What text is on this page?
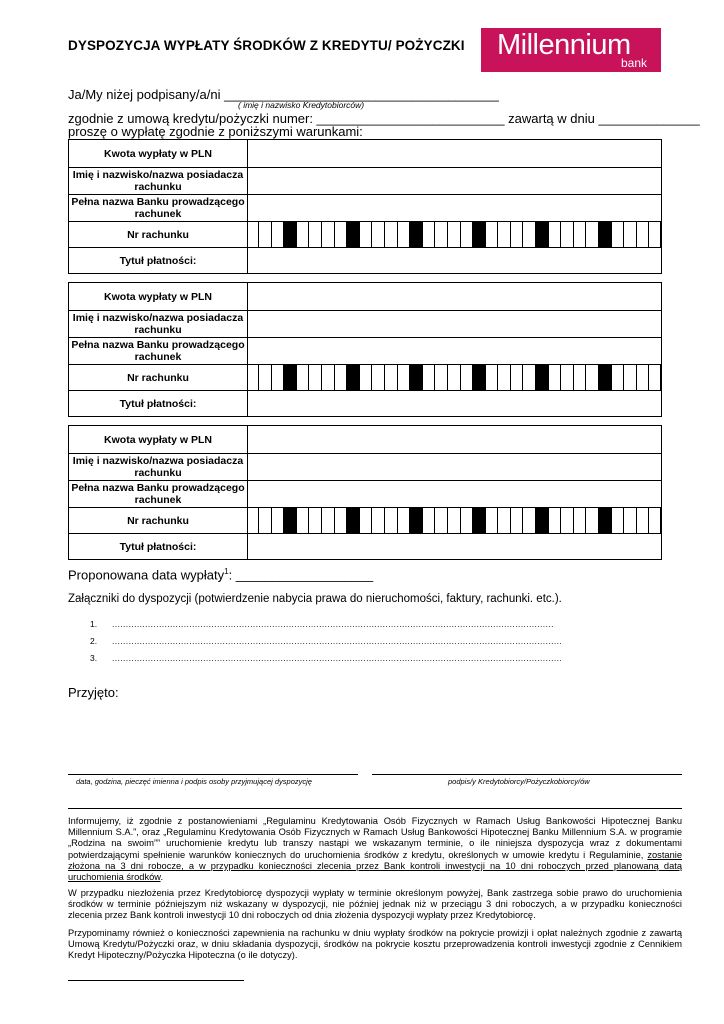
DYSPOZYCJA WYPŁATY ŚRODKÓW Z KREDYTU/ POŻYCZKI Millennium
bank
Ja/My niżej podpisany/a/ni ______________________________________
( imię i nazwisko Kredytobiorców)
zgodnie z umową kredytu/pożyczki numer: __________________________ zawartą w dniu ______________
proszę o wypłatę zgodnie z poniższymi warunkami:
Kwota wypłaty w PLN	
Imię i nazwisko/nazwa posiadacza rachunku	
Pełna nazwa Banku prowadzącego rachunek	
Nr rachunku	

Tytuł płatności:	
Kwota wypłaty w PLN	
Imię i nazwisko/nazwa posiadacza rachunku	
Pełna nazwa Banku prowadzącego rachunek	
Nr rachunku	

Tytuł płatności:	
Kwota wypłaty w PLN	
Imię i nazwisko/nazwa posiadacza rachunku	
Pełna nazwa Banku prowadzącego rachunek	
Nr rachunku	

Tytuł płatności:	
Proponowana data wypłaty$^1$: ___________________
Załączniki do dyspozycji (potwierdzenie nabycia prawa do nieruchomości, faktury, rachunki. etc.).
1.	................................................................................................................................................................
2.	...................................................................................................................................................................
3.	...................................................................................................................................................................
Przyjęto:
data, godzina, pieczęć imienna i podpis osoby przyjmującej dyspozycję	podpis/y Kredytobiorcy/Pożyczkobiorcy/ów
Informujemy, iż zgodnie z postanowieniami „Regulaminu Kredytowania Osób Fizycznych w Ramach Usług Bankowości Hipotecznej Banku Millennium S.A.”, oraz „Regulaminu Kredytowania Osób Fizycznych w Ramach Usług Bankowości Hipotecznej Banku Millennium S.A. w programie „Rodzina na swoim”” uruchomienie kredytu lub transzy nastąpi we wskazanym terminie, o ile niniejsza dyspozycja wraz z dokumentami potwierdzającymi spełnienie warunków koniecznych do uruchomienia środków z kredytu, określonych w umowie kredytu i Regulaminie, zostanie złożona na 3 dni robocze, a w przypadku konieczności zlecenia przez Bank kontroli inwestycji na 10 dni roboczych przed planowaną datą uruchomienia środków.
W przypadku niezłożenia przez Kredytobiorcę dyspozycji wypłaty w terminie określonym powyżej, Bank zastrzega sobie prawo do uruchomienia środków w terminie późniejszym niż wskazany w dyspozycji, nie później jednak niż w przeciągu 3 dni roboczych, a w przypadku konieczności zlecenia przez Bank kontroli inwestycji 10 dni roboczych od dnia złożenia dyspozycji wypłaty przez Kredytobiorcę.
Przypominamy również o konieczności zapewnienia na rachunku w dniu wypłaty środków na pokrycie prowizji i opłat należnych zgodnie z zawartą Umową Kredytu/Pożyczki oraz, w dniu składania dyspozycji, środków na pokrycie kosztu przeprowadzenia kontroli inwestycji zgodnie z Cennikiem Kredyt Hipoteczny/Pożyczka Hipoteczna (o ile dotyczy).
